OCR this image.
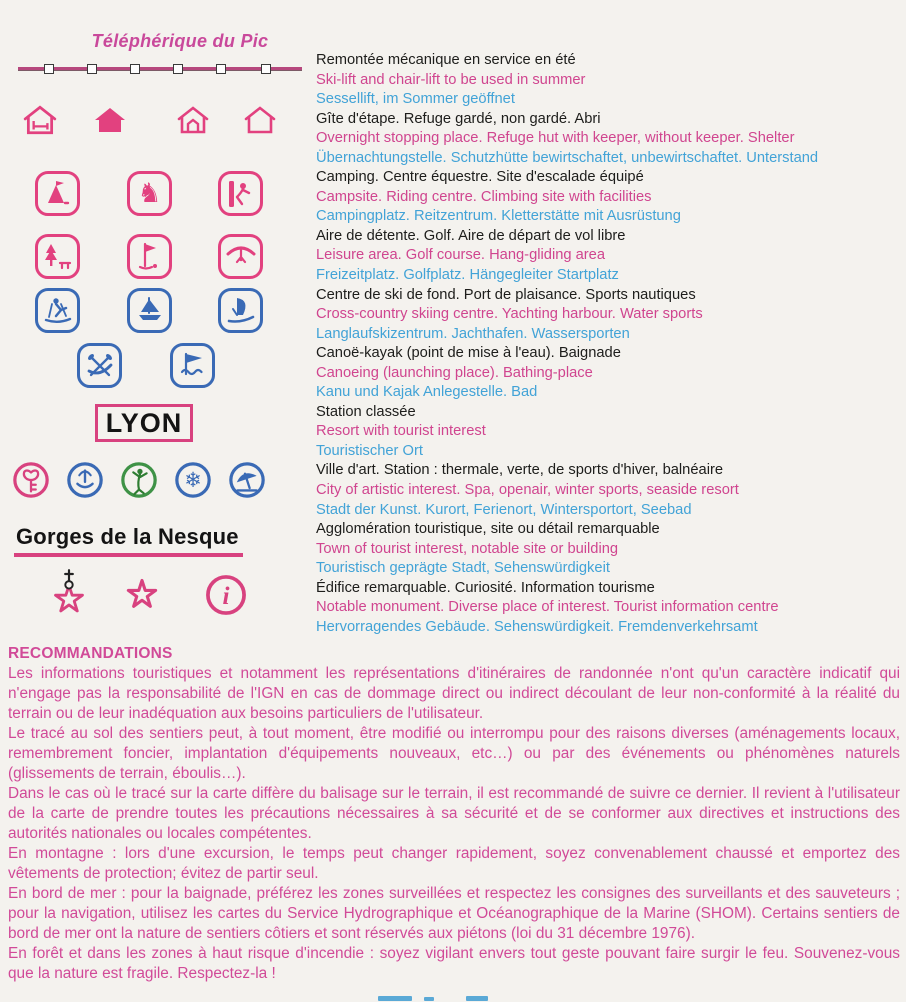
Téléphérique du Pic
♞
LYON
❄
Gorges de la Nesque
i
Remontée mécanique en service en été
Ski-lift and chair-lift to be used in summer
Sessellift, im Sommer geöffnet
Gîte d'étape. Refuge gardé, non gardé. Abri
Overnight stopping place. Refuge hut with keeper, without keeper. Shelter
Übernachtungstelle. Schutzhütte bewirtschaftet, unbewirtschaftet. Unterstand
Camping. Centre équestre. Site d'escalade équipé
Campsite. Riding centre. Climbing site with facilities
Campingplatz. Reitzentrum. Kletterstätte mit Ausrüstung
Aire de détente. Golf. Aire de départ de vol libre
Leisure area. Golf course. Hang-gliding area
Freizeitplatz. Golfplatz. Hängegleiter Startplatz
Centre de ski de fond. Port de plaisance. Sports nautiques
Cross-country skiing centre. Yachting harbour. Water sports
Langlaufskizentrum. Jachthafen. Wassersporten
Canoë-kayak (point de mise à l'eau). Baignade
Canoeing (launching place). Bathing-place
Kanu und Kajak Anlegestelle. Bad
Station classée
Resort with tourist interest
Touristischer Ort
Ville d'art. Station : thermale, verte, de sports d'hiver, balnéaire
City of artistic interest. Spa, openair, winter sports, seaside resort
Stadt der Kunst. Kurort, Ferienort, Wintersportort, Seebad
Agglomération touristique, site ou détail remarquable
Town of tourist interest, notable site or building
Touristisch geprägte Stadt, Sehenswürdigkeit
Édifice remarquable. Curiosité. Information tourisme
Notable monument. Diverse place of interest. Tourist information centre
Hervorragendes Gebäude. Sehenswürdigkeit. Fremdenverkehrsamt
RECOMMANDATIONS

Les informations touristiques et notamment les représentations d'itinéraires de randonnée n'ont qu'un caractère indicatif qui n'engage pas la responsabilité de l'IGN en cas de dommage direct ou indirect découlant de leur non-conformité à la réalité du terrain ou de leur inadéquation aux besoins particuliers de l'utilisateur.

Le tracé au sol des sentiers peut, à tout moment, être modifié ou interrompu pour des raisons diverses (aménagements locaux, remembrement foncier, implantation d'équipements nouveaux, etc…) ou par des événements ou phénomènes naturels (glissements de terrain, éboulis…).

Dans le cas où le tracé sur la carte diffère du balisage sur le terrain, il est recommandé de suivre ce dernier. Il revient à l'utilisateur de la carte de prendre toutes les précautions nécessaires à sa sécurité et de se conformer aux directives et instructions des autorités nationales ou locales compétentes.

En montagne : lors d'une excursion, le temps peut changer rapidement, soyez convenablement chaussé et emportez des vêtements de protection; évitez de partir seul.

En bord de mer : pour la baignade, préférez les zones surveillées et respectez les consignes des surveillants et des sauveteurs ; pour la navigation, utilisez les cartes du Service Hydrographique et Océanographique de la Marine (SHOM). Certains sentiers de bord de mer ont la nature de sentiers côtiers et sont réservés aux piétons (loi du 31 décembre 1976).

En forêt et dans les zones à haut risque d'incendie : soyez vigilant envers tout geste pouvant faire surgir le feu. Souvenez-vous que la nature est fragile. Respectez-la !
